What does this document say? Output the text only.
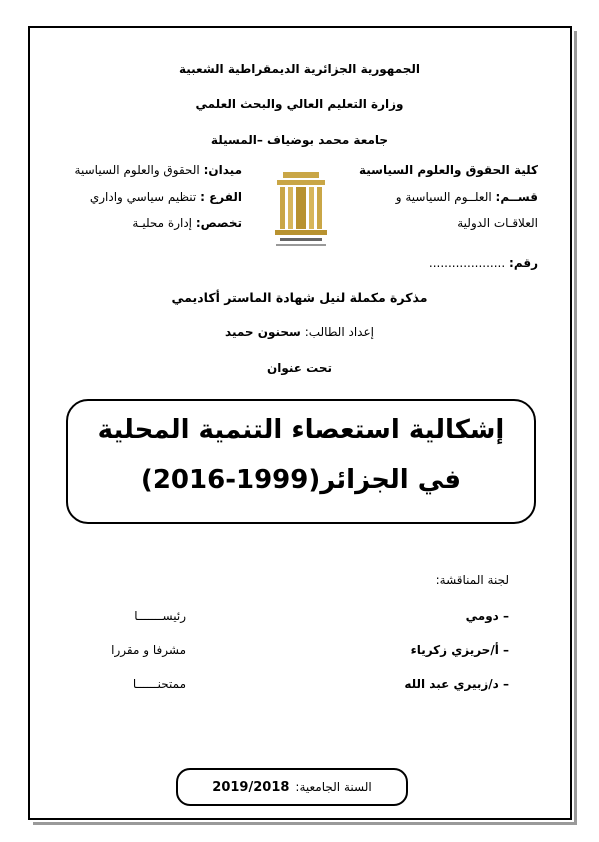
الجمهورية الجزائرية الديمقراطية الشعبية
وزارة التعليم العالي والبحث العلمي
جامعة محمد بوضياف –المسيلة
كلية الحقوق والعلوم السياسية
قســم: العلــوم السياسية و
العلاقـات الدولية
رقم: ....................
ميدان: الحقوق والعلوم السياسية
الفرع : تنظيم سياسي واداري
تخصص: إدارة محليـة
مذكرة مكملة لنيل شهادة الماستر أكاديمي
إعداد الطالب: سحنون حميد
تحت عنوان
إشكالية استعصاء التنمية المحلية
في الجزائر(1999-2016)
لجنة المناقشة:
– دومي
رئيســـــــا
– أ/حريزي زكرياء
مشرفا و مقررا
– د/زبيري عبد الله
ممتحنــــــا
السنة الجامعية:
2019/2018
